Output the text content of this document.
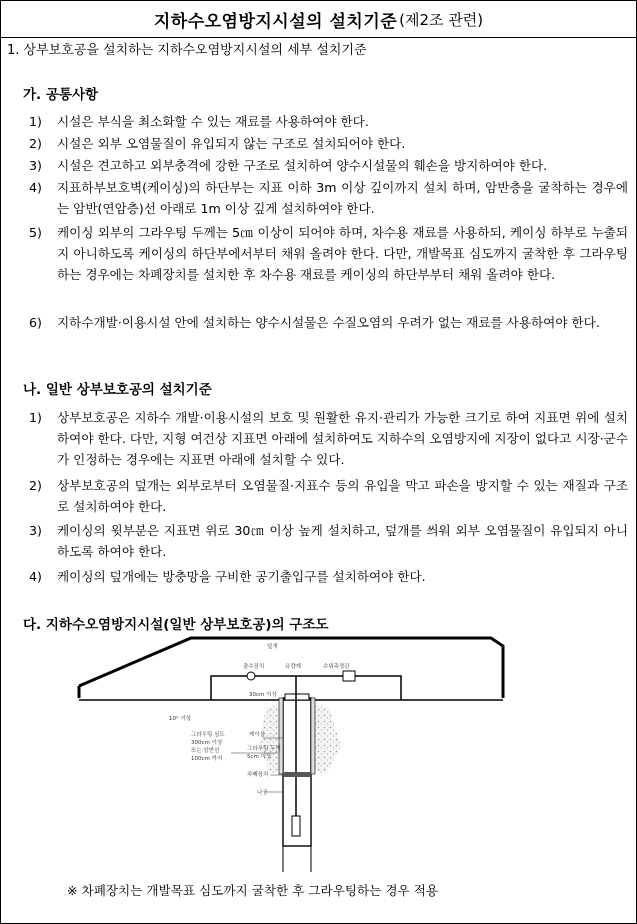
지하수오염방지시설의 설치기준 (제2조 관련)
1. 상부보호공을 설치하는 지하수오염방지시설의 세부 설치기준
가. 공통사항
1)	시설은 부식을 최소화할 수 있는 재료를 사용하여야 한다.
2)	시설은 외부 오염물질이 유입되지 않는 구조로 설치되어야 한다.
3)	시설은 견고하고 외부충격에 강한 구조로 설치하여 양수시설물의 훼손을 방지하여야 한다.
4)	지표하부보호벽(케이싱)의 하단부는 지표 이하 3m 이상 깊이까지 설치 하며, 암반층을 굴착하는 경우에는 암반(연암층)선 아래로 1m 이상 깊게 설치하여야 한다.
5)	케이싱 외부의 그라우팅 두께는 5㎝ 이상이 되어야 하며, 차수용 재료를 사용하되, 케이싱 하부로 누출되지 아니하도록 케이싱의 하단부에서부터 채워 올려야 한다. 다만, 개발목표 심도까지 굴착한 후 그라우팅하는 경우에는 차폐장치를 설치한 후 차수용 재료를 케이싱의 하단부부터 채워 올려야 한다.
6)	지하수개발·이용시설 안에 설치하는 양수시설물은 수질오염의 우려가 없는 재료를 사용하여야 한다.
나. 일반 상부보호공의 설치기준
1)	상부보호공은 지하수 개발·이용시설의 보호 및 원활한 유지·관리가 가능한 크기로 하여 지표면 위에 설치하여야 한다. 다만, 지형 여건상 지표면 아래에 설치하여도 지하수의 오염방지에 지장이 없다고 시장·군수가 인정하는 경우에는 지표면 아래에 설치할 수 있다.
2)	상부보호공의 덮개는 외부로부터 오염물질·지표수 등의 유입을 막고 파손을 방지할 수 있는 재질과 구조로 설치하여야 한다.
3)	케이싱의 윗부분은 지표면 위로 30㎝ 이상 높게 설치하고, 덮개를 씌워 외부 오염물질이 유입되지 아니하도록 하여야 한다.
4)	케이싱의 덮개에는 방충망을 구비한 공기출입구를 설치하여야 한다.
다. 지하수오염방지시설(일반 상부보호공)의 구조도
덮개
출수장치	유량계	수위측정관
30cm 이상
10° 이상
케이싱
그라우팅 심도
300cm 이상
또는 암반선
100cm 까지
그라우팅 두께
5cm 이상
차폐장치
나공
※ 차폐장치는 개발목표 심도까지 굴착한 후 그라우팅하는 경우 적용
